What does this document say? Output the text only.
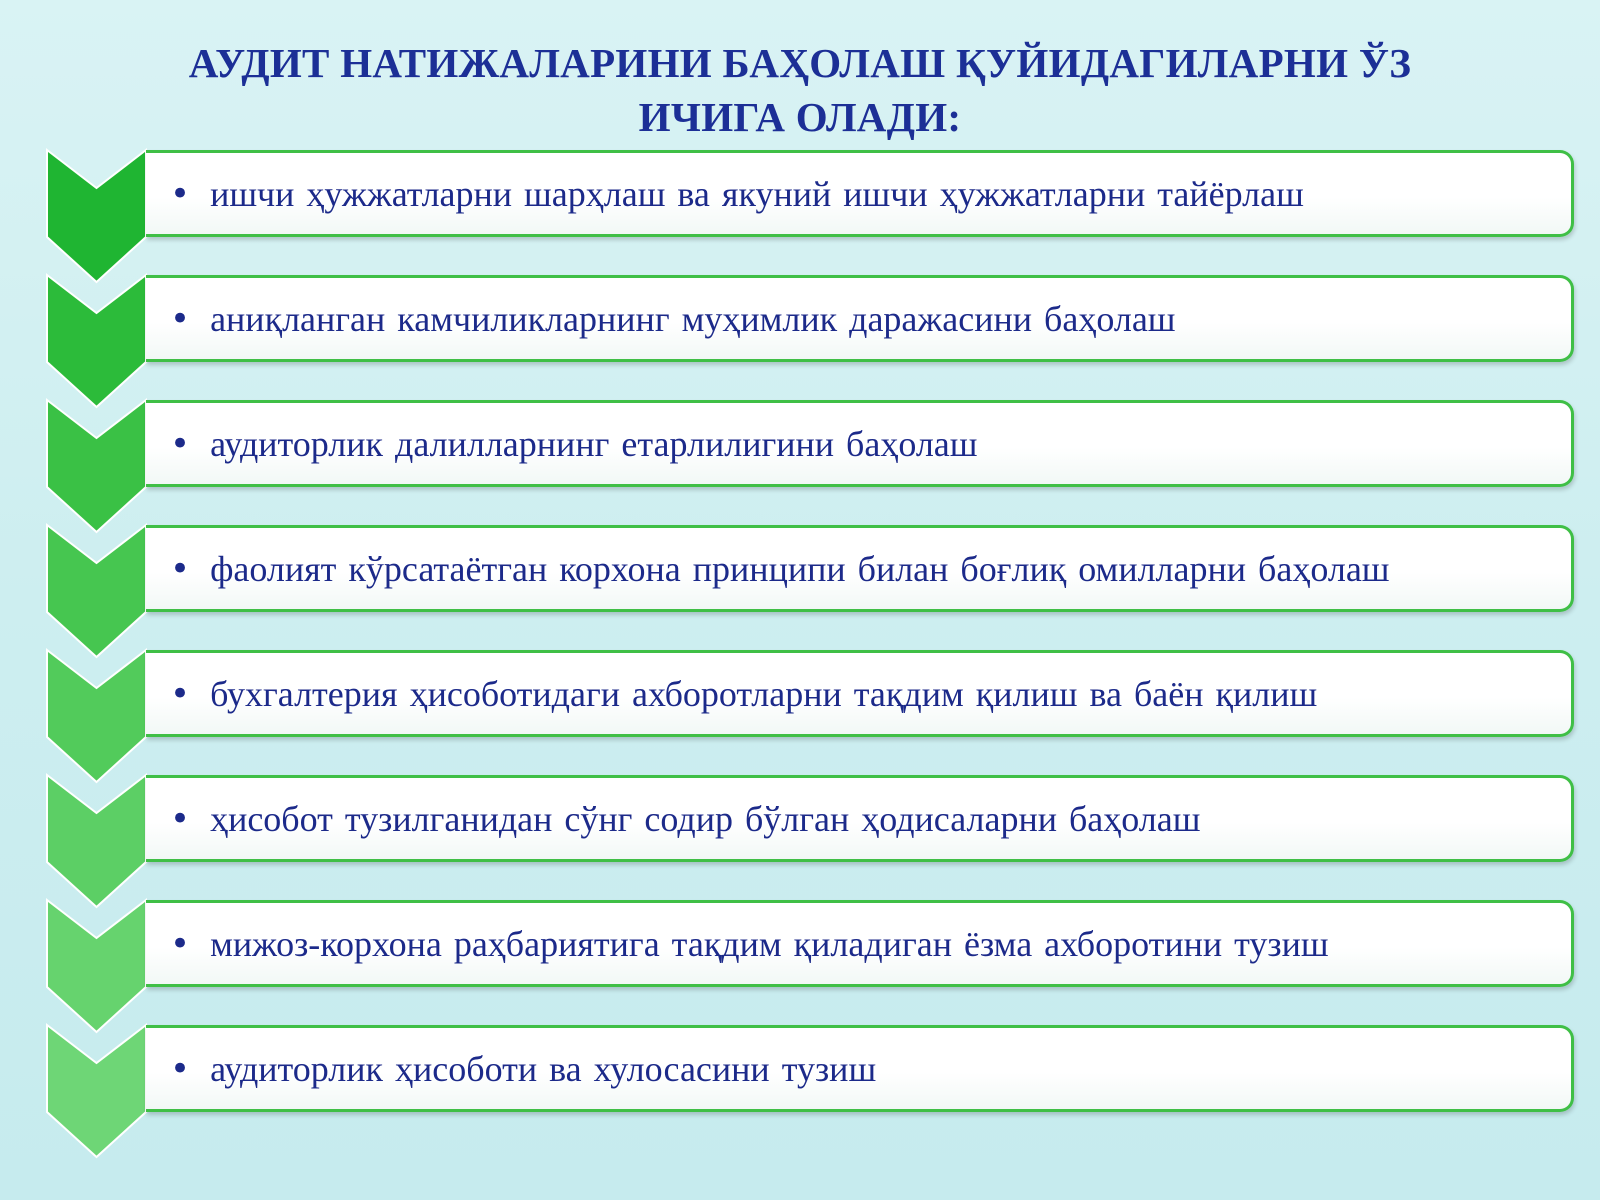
АУДИТ НАТИЖАЛАРИНИ БАҲОЛАШ ҚУЙИДАГИЛАРНИ ЎЗ
ИЧИГА ОЛАДИ:
• ишчи ҳужжатларни шарҳлаш ва якуний ишчи ҳужжатларни тайёрлаш
• аниқланган камчиликларнинг муҳимлик даражасини баҳолаш
• аудиторлик далилларнинг етарлилигини баҳолаш
• фаолият кўрсатаётган корхона принципи билан боғлиқ омилларни баҳолаш
• бухгалтерия ҳисоботидаги ахборотларни тақдим қилиш ва баён қилиш
• ҳисобот тузилганидан сўнг содир бўлган ҳодисаларни баҳолаш
• мижоз-корхона раҳбариятига тақдим қиладиган ёзма ахборотини тузиш
• аудиторлик ҳисоботи ва хулосасини тузиш
